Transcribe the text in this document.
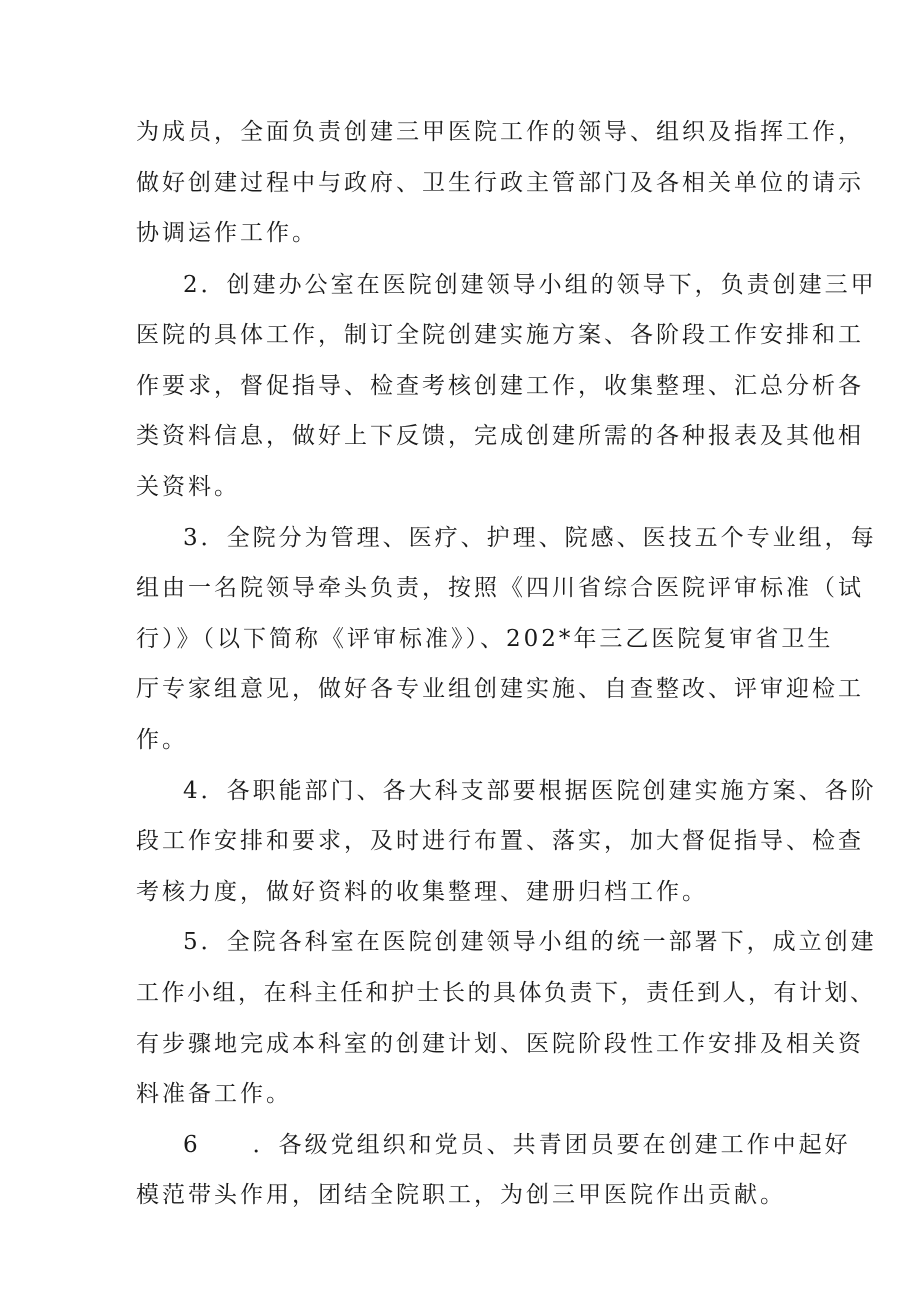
为成员，全面负责创建三甲医院工作的领导、组织及指挥工作，
做好创建过程中与政府、卫生行政主管部门及各相关单位的请示
协调运作工作。
2．创建办公室在医院创建领导小组的领导下，负责创建三甲
医院的具体工作，制订全院创建实施方案、各阶段工作安排和工
作要求，督促指导、检查考核创建工作，收集整理、汇总分析各
类资料信息，做好上下反馈，完成创建所需的各种报表及其他相
关资料。
3．全院分为管理、医疗、护理、院感、医技五个专业组，每
组由一名院领导牵头负责，按照《四川省综合医院评审标准（试
行）》（以下简称《评审标准》）、202*年三乙医院复审省卫生
厅专家组意见，做好各专业组创建实施、自查整改、评审迎检工
作。
4．各职能部门、各大科支部要根据医院创建实施方案、各阶
段工作安排和要求，及时进行布置、落实，加大督促指导、检查
考核力度，做好资料的收集整理、建册归档工作。
5．全院各科室在医院创建领导小组的统一部署下，成立创建
工作小组，在科主任和护士长的具体负责下，责任到人，有计划、
有步骤地完成本科室的创建计划、医院阶段性工作安排及相关资
料准备工作。
6　　．各级党组织和党员、共青团员要在创建工作中起好
模范带头作用，团结全院职工，为创三甲医院作出贡献。
